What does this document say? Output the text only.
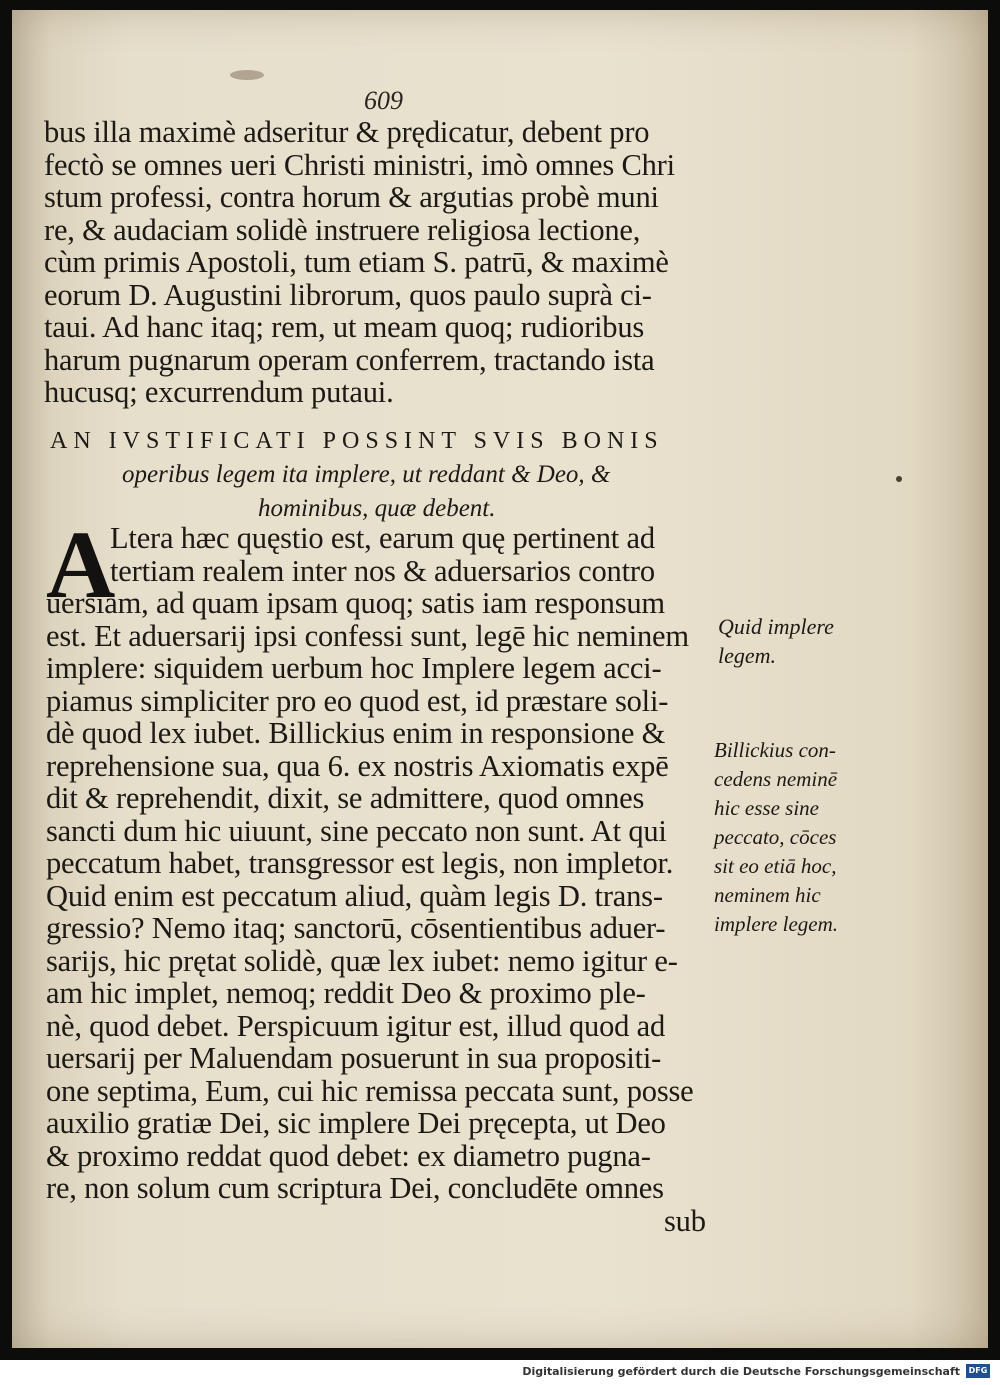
609
bus illa maximè adseritur & prędicatur, debent pro
fectò se omnes ueri Christi ministri, imò omnes Chri
stum professi, contra horum & argutias probè muni
re, & audaciam solidè instruere religiosa lectione,
cùm primis Apostoli, tum etiam S. patrū, & maximè
eorum D. Augustini librorum, quos paulo suprà ci-
taui. Ad hanc itaq; rem, ut meam quoq; rudioribus
harum pugnarum operam conferrem, tractando ista
hucusq; excurrendum putaui.
AN IVSTIFICATI POSSINT SVIS BONIS
operibus legem ita implere, ut reddant & Deo, &
hominibus, quæ debent.
A
Ltera hæc quęstio est, earum quę pertinent ad
tertiam realem inter nos & aduersarios contro
uersiam, ad quam ipsam quoq; satis iam responsum
est. Et aduersarij ipsi confessi sunt, legē hic neminem
implere: siquidem uerbum hoc Implere legem acci-
piamus simpliciter pro eo quod est, id præstare soli-
dè quod lex iubet. Billickius enim in responsione &
reprehensione sua, qua 6. ex nostris Axiomatis expē
dit & reprehendit, dixit, se admittere, quod omnes
sancti dum hic uiuunt, sine peccato non sunt. At qui
peccatum habet, transgressor est legis, non impletor.
Quid enim est peccatum aliud, quàm legis D. trans-
gressio? Nemo itaq; sanctorū, cōsentientibus aduer-
sarijs, hic prętat solidè, quæ lex iubet: nemo igitur e-
am hic implet, nemoq; reddit Deo & proximo ple-
nè, quod debet. Perspicuum igitur est, illud quod ad
uersarij per Maluendam posuerunt in sua propositi-
one septima, Eum, cui hic remissa peccata sunt, posse
auxilio gratiæ Dei, sic implere Dei pręcepta, ut Deo
& proximo reddat quod debet: ex diametro pugna-
re, non solum cum scriptura Dei, concludēte omnes
sub
Quid implere
legem.
Billickius con-
cedens neminē
hic esse sine
peccato, cōces
sit eo etiā hoc,
neminem hic
implere legem.
Digitalisierung gefördert durch die Deutsche Forschungsgemeinschaft	DFG
